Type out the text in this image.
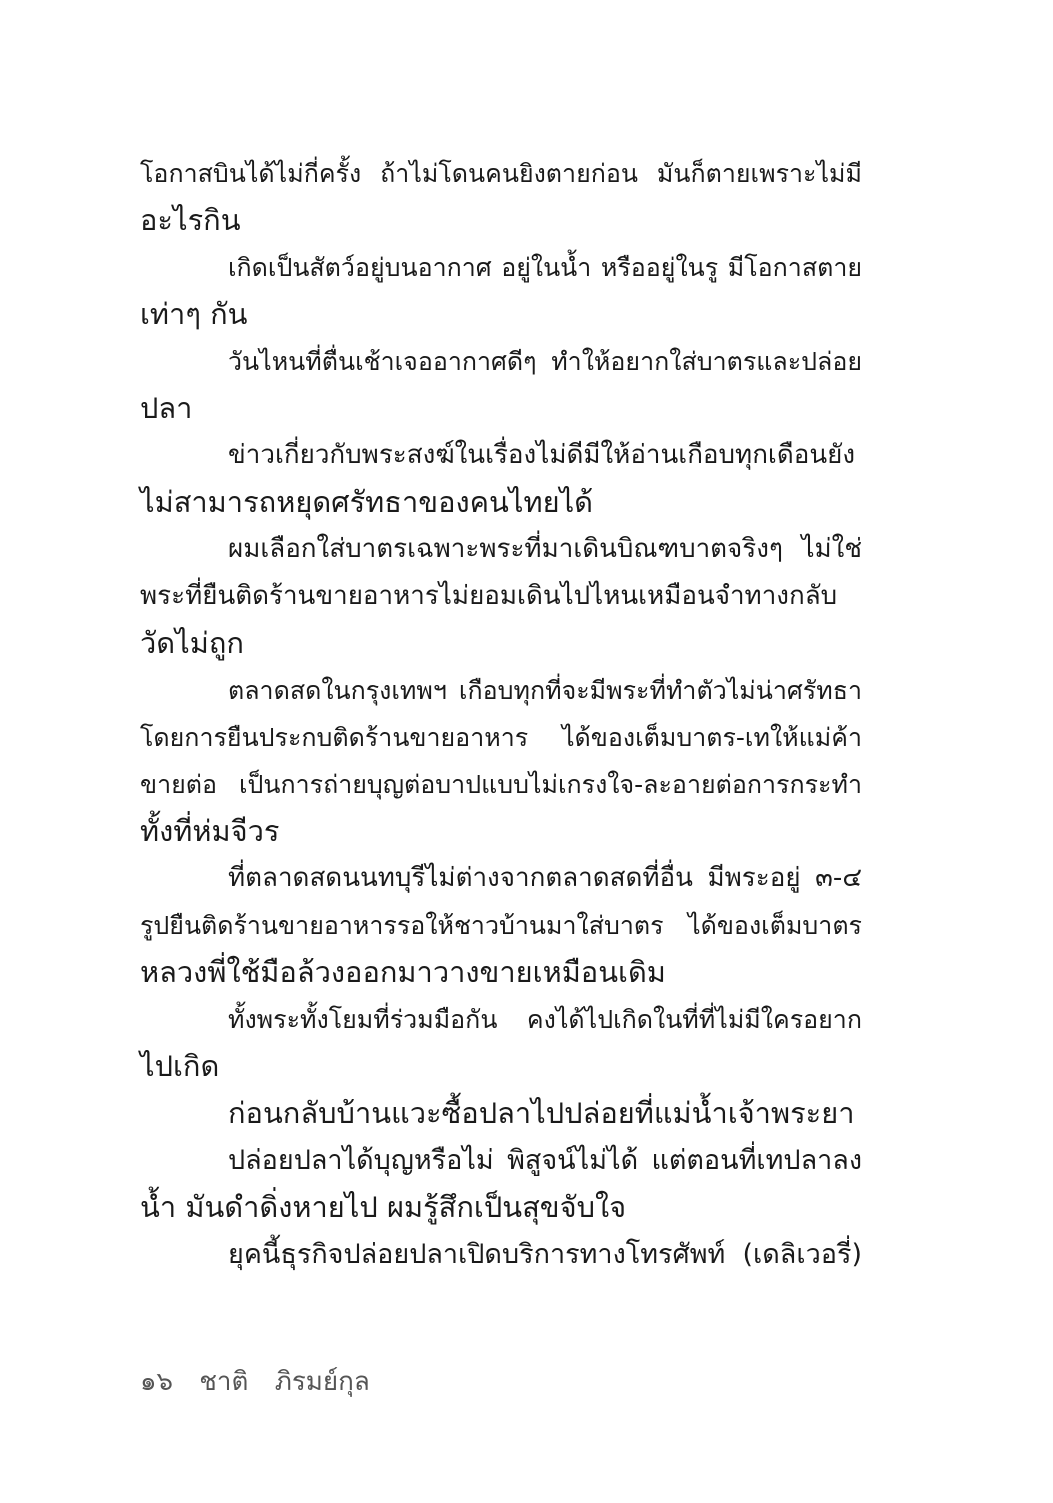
โอกาสบินได้ไม่กี่ครั้ง ถ้าไม่โดนคนยิงตายก่อน มันก็ตายเพราะไม่มี
อะไรกิน
เกิดเป็นสัตว์อยู่บนอากาศ อยู่ในน้ำ หรืออยู่ในรู มีโอกาสตาย
เท่าๆ กัน
วันไหนที่ตื่นเช้าเจออากาศดีๆ ทำให้อยากใส่บาตรและปล่อย
ปลา
ข่าวเกี่ยวกับพระสงฆ์ในเรื่องไม่ดีมีให้อ่านเกือบทุกเดือนยัง
ไม่สามารถหยุดศรัทธาของคนไทยได้
ผมเลือกใส่บาตรเฉพาะพระที่มาเดินบิณฑบาตจริงๆ ไม่ใช่
พระที่ยืนติดร้านขายอาหารไม่ยอมเดินไปไหนเหมือนจำทางกลับ
วัดไม่ถูก
ตลาดสดในกรุงเทพฯ เกือบทุกที่จะมีพระที่ทำตัวไม่น่าศรัทธา
โดยการยืนประกบติดร้านขายอาหาร ได้ของเต็มบาตร-เทให้แม่ค้า
ขายต่อ เป็นการถ่ายบุญต่อบาปแบบไม่เกรงใจ-ละอายต่อการกระทำ
ทั้งที่ห่มจีวร
ที่ตลาดสดนนทบุรีไม่ต่างจากตลาดสดที่อื่น มีพระอยู่ ๓-๔
รูปยืนติดร้านขายอาหารรอให้ชาวบ้านมาใส่บาตร ได้ของเต็มบาตร
หลวงพี่ใช้มือล้วงออกมาวางขายเหมือนเดิม
ทั้งพระทั้งโยมที่ร่วมมือกัน คงได้ไปเกิดในที่ที่ไม่มีใครอยาก
ไปเกิด
ก่อนกลับบ้านแวะซื้อปลาไปปล่อยที่แม่น้ำเจ้าพระยา
ปล่อยปลาได้บุญหรือไม่ พิสูจน์ไม่ได้ แต่ตอนที่เทปลาลง
น้ำ มันดำดิ่งหายไป ผมรู้สึกเป็นสุขจับใจ
ยุคนี้ธุรกิจปล่อยปลาเปิดบริการทางโทรศัพท์ (เดลิเวอรี่)
๑๖ ชาติ ภิรมย์กุล
